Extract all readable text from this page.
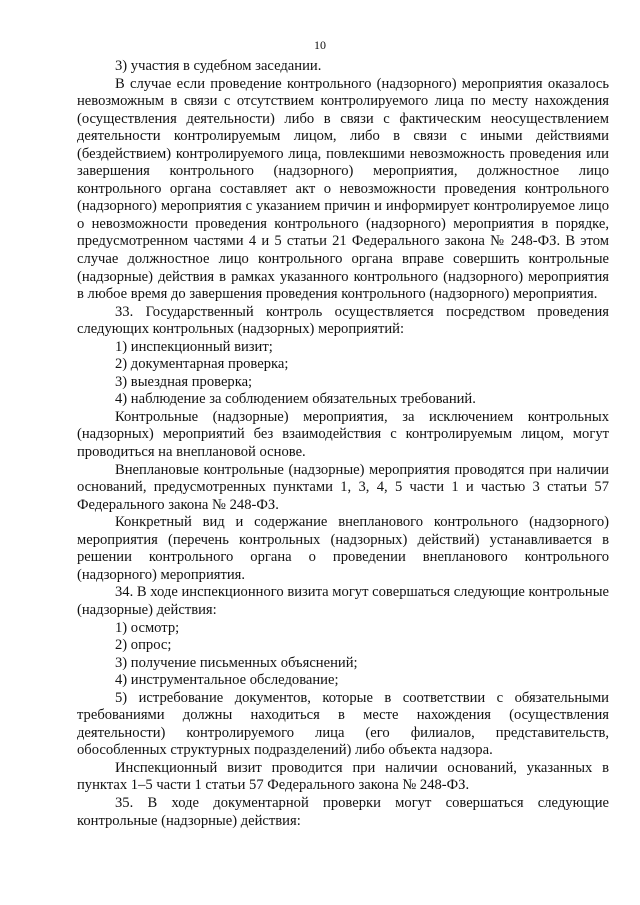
10

3) участия в судебном заседании.

В случае если проведение контрольного (надзорного) мероприятия оказалось невозможным в связи с отсутствием контролируемого лица по месту нахождения (осуществления деятельности) либо в связи с фактическим неосуществлением деятельности контролируемым лицом, либо в связи с иными действиями (бездействием) контролируемого лица, повлекшими невозможность проведения или завершения контрольного (надзорного) мероприятия, должностное лицо контрольного органа составляет акт о невозможности проведения контрольного (надзорного) мероприятия с указанием причин и информирует контролируемое лицо о невозможности проведения контрольного (надзорного) мероприятия в порядке, предусмотренном частями 4 и 5 статьи 21 Федерального закона № 248-ФЗ. В этом случае должностное лицо контрольного органа вправе совершить контрольные (надзорные) действия в рамках указанного контрольного (надзорного) мероприятия в любое время до завершения проведения контрольного (надзорного) мероприятия.

33. Государственный контроль осуществляется посредством проведения следующих контрольных (надзорных) мероприятий:

1) инспекционный визит;

2) документарная проверка;

3) выездная проверка;

4) наблюдение за соблюдением обязательных требований.

Контрольные (надзорные) мероприятия, за исключением контрольных (надзорных) мероприятий без взаимодействия с контролируемым лицом, могут проводиться на внеплановой основе.

Внеплановые контрольные (надзорные) мероприятия проводятся при наличии оснований, предусмотренных пунктами 1, 3, 4, 5 части 1 и частью 3 статьи 57 Федерального закона № 248-ФЗ.

Конкретный вид и содержание внепланового контрольного (надзорного) мероприятия (перечень контрольных (надзорных) действий) устанавливается в решении контрольного органа о проведении внепланового контрольного (надзорного) мероприятия.

34. В ходе инспекционного визита могут совершаться следующие контрольные (надзорные) действия:

1) осмотр;

2) опрос;

3) получение письменных объяснений;

4) инструментальное обследование;

5) истребование документов, которые в соответствии с обязательными требованиями должны находиться в месте нахождения (осуществления деятельности) контролируемого лица (его филиалов, представительств, обособленных структурных подразделений) либо объекта надзора.

Инспекционный визит проводится при наличии оснований, указанных в пунктах 1–5 части 1 статьи 57 Федерального закона № 248-ФЗ.

35. В ходе документарной проверки могут совершаться следующие контрольные (надзорные) действия:
